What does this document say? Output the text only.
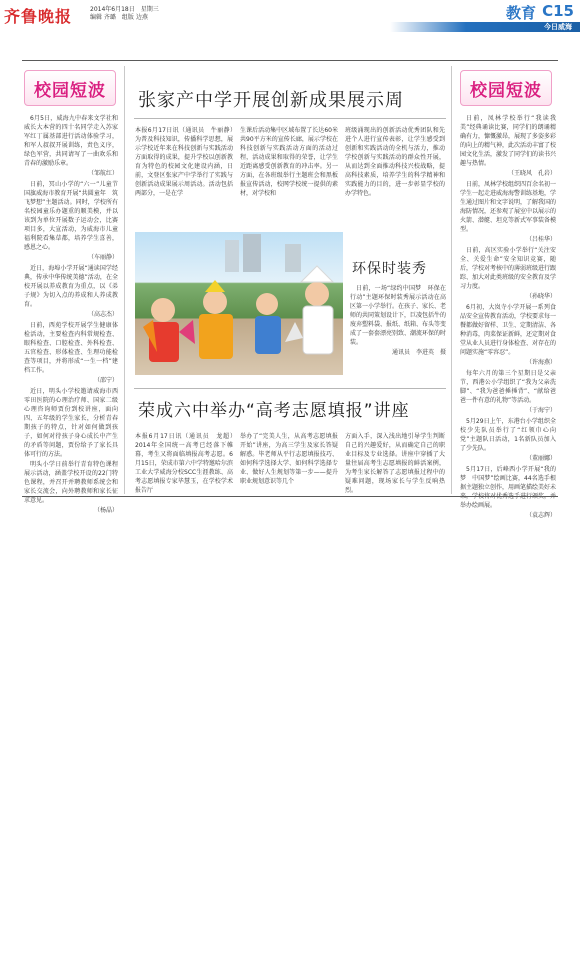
齐鲁晚报	2014年6月18日　星期三
编辑 齐璐　组版 边燕	教育 C15
今日威海
校园短波

6月5日，威海九中春来文学社和威长大本营的四十名同学走入苏家军红丁属基部进行活动体验学习，和军人叔叔开展训练，责色义序，绿色军营，共同请写了一曲欢乐和青春的激励乐章。

（邹航红）

日前，冥山小学的“六一”儿童节国旗威海市教育开展“共圆童年　筑飞梦想”主题活动。同时，学校所有名校园童乐办题重的顺美模，并以该到为单位开展数子运动会，比赛项目多，大宣活动，为威海市儿童福利院看集草都，培养学生喜善，感恩之心。

（车丽静）

近日，海埠小学开展“通读国学经典，传承中华传统美德”活动，在全校开展以养成教育为重点，以《弟子规》为切入点的养成和人养成教育。

（高志杰）

日前，西苑学校开展学生健康体检活动，主要检查内科常规检查、眼科检查、口腔检查、外科检查、五官检查、形体检查、生理功能检查等项目，并将形成“一生一档”建档工作。

（邵宁）

近日，明头小学校邀请威海市西零田医院的心理治疗师、国家二级心理咨询师贾份到校讲座，面向四、五年级的学生家长，分析青春期孩子的特点，针对如何做到孩子，如何对待孩子身心成长中产生的矛盾等问题，贾份给予了家长具体可行的方法。

明头小学日前举行青育特色课程展示活动，涵盖学校开设的22门特色课程，并召开并聘教师系统会和家长交流会，向外聘教师和家长征求意见。

（杨晶）

张家产中学开展创新成果展示周
本报6月17日讯（通讯员　牛丽静）　为普及科技知识，传播科学思想，展示学校近年来在科技创新与实践活动方面取得的成果，提升学校以创新教育为特色的校园文化建设内涵，日前，文登区张家产中学举行了实践与创新活动成果展示周活动。活动包括两部分，一是在学
生课后活动集中区域布置了长达60米共90平方米的宣传长廊，展示学校在科技创新与实践活动方面的活动过程，活动成果和取得的荣誉，让学生近距离感受创新教育的冲击率。另一方面，在各班级举行主题班会和黑板报宣传活动，校网学校统一提供的素材，对学校和
班级涌现出的创新活动优秀团队和先进个人进行宣传表彰，让学生感受到创新和实践活动的全机与活力，推动学校创新与实践活动的群众性开展，从而达到全面推动科技兴校战略，提高科技素质，培养学生的科学精神和实践能力的目的，进一步彰显学校的办学特色。
环保时装秀

日前，一场“绿约中国梦　环保在行动”主题环保时装秀展示活动在高区第一小学举行。在孩子、家长、老师的共同策划设计下，巨凌包括牛的废弃塑料袋、报纸、纸箱、布头等变成了一套套漂亮别致、潮流环保的时装。

通讯员　李进英　摄

荣成六中举办“高考志愿填报”讲座
本报6月17日讯（通讯员　龙超）　2014年全国统一高考已经落下帷幕，考生又将面临填报高考志愿。6月15日，荣成市第六中学特邀哈尔滨工业大学威海分校SCC生涯教练、高考志愿填报专家毕慧玉，在学校学术报告厅
举办了“完美人生，从高考志愿填报开始”讲座，为高三学生及家长答疑解惑。毕老师从平行志愿填报技巧、如何科学选择大学、如何科学选择专业、做好人生规划等第一步——提升职业规划意识等几个
方面入手，深入浅出地引导学生判断自己的兴趣爱好，从而确定自己的职业目标及专业选择。讲座中穿插了大量往届高考生志愿填报的鲜活案例，为考生家长解答了志愿填报过程中的疑难问题，现场家长与学生反响热烈。
校园短波

日前，凤林学校举行“我读我美”经典诵读比赛，同学们的朗诵精确有力，慷慨激昂，展现了多姿多彩的向上的精气神，此次活动丰富了校园文化生活，激发了同学们的读书兴趣与热情。

（王晓风　孔岩）

日前，凤林学校组织四百余名初一学生一起走进威海海警训练基地，学生通过图片和文字说明，了解我国的海防情况，还参观了展室中以展示的火箭、潜艇、坦克等新式军事装备模型。

（吕桂华）

日前，高区实验小学举行“关注安全、关爱生命”安全知识竞赛，随后，学校对考核中的薄弱班级进行跟踪、加大对此类班级的安全教育及学习力度。

（孙晓华）

6月初，大岚寺小学开展一系列食品安全宣传教育活动，学校要求每一餐都做好留样、卫生、定期清洁、各种消毒，肉菜保证新鲜，还定期对食堂从业人员进行身体检查、对存在的问题实施“零容忍”。

（许海燕）

每年六月的第三个星期日是父亲节，西港公小学组织了“我为父亲洗脚”、“我为爸爸捶捶背”、“献给爸爸一件有意的礼物”等活动。

（于海宁）

5月29日上午，东港台小学组织全校少先队员举行了“红领巾心向党”主题队日活动，1名新队员加入了少先队。

（董丽娜）

5月17日，后峰西小学开展“我的梦　中国梦”绘画比赛，44名选手根据主题独立创作，用画笔描绘美好未 举办绘画展。

（袁志辉）
